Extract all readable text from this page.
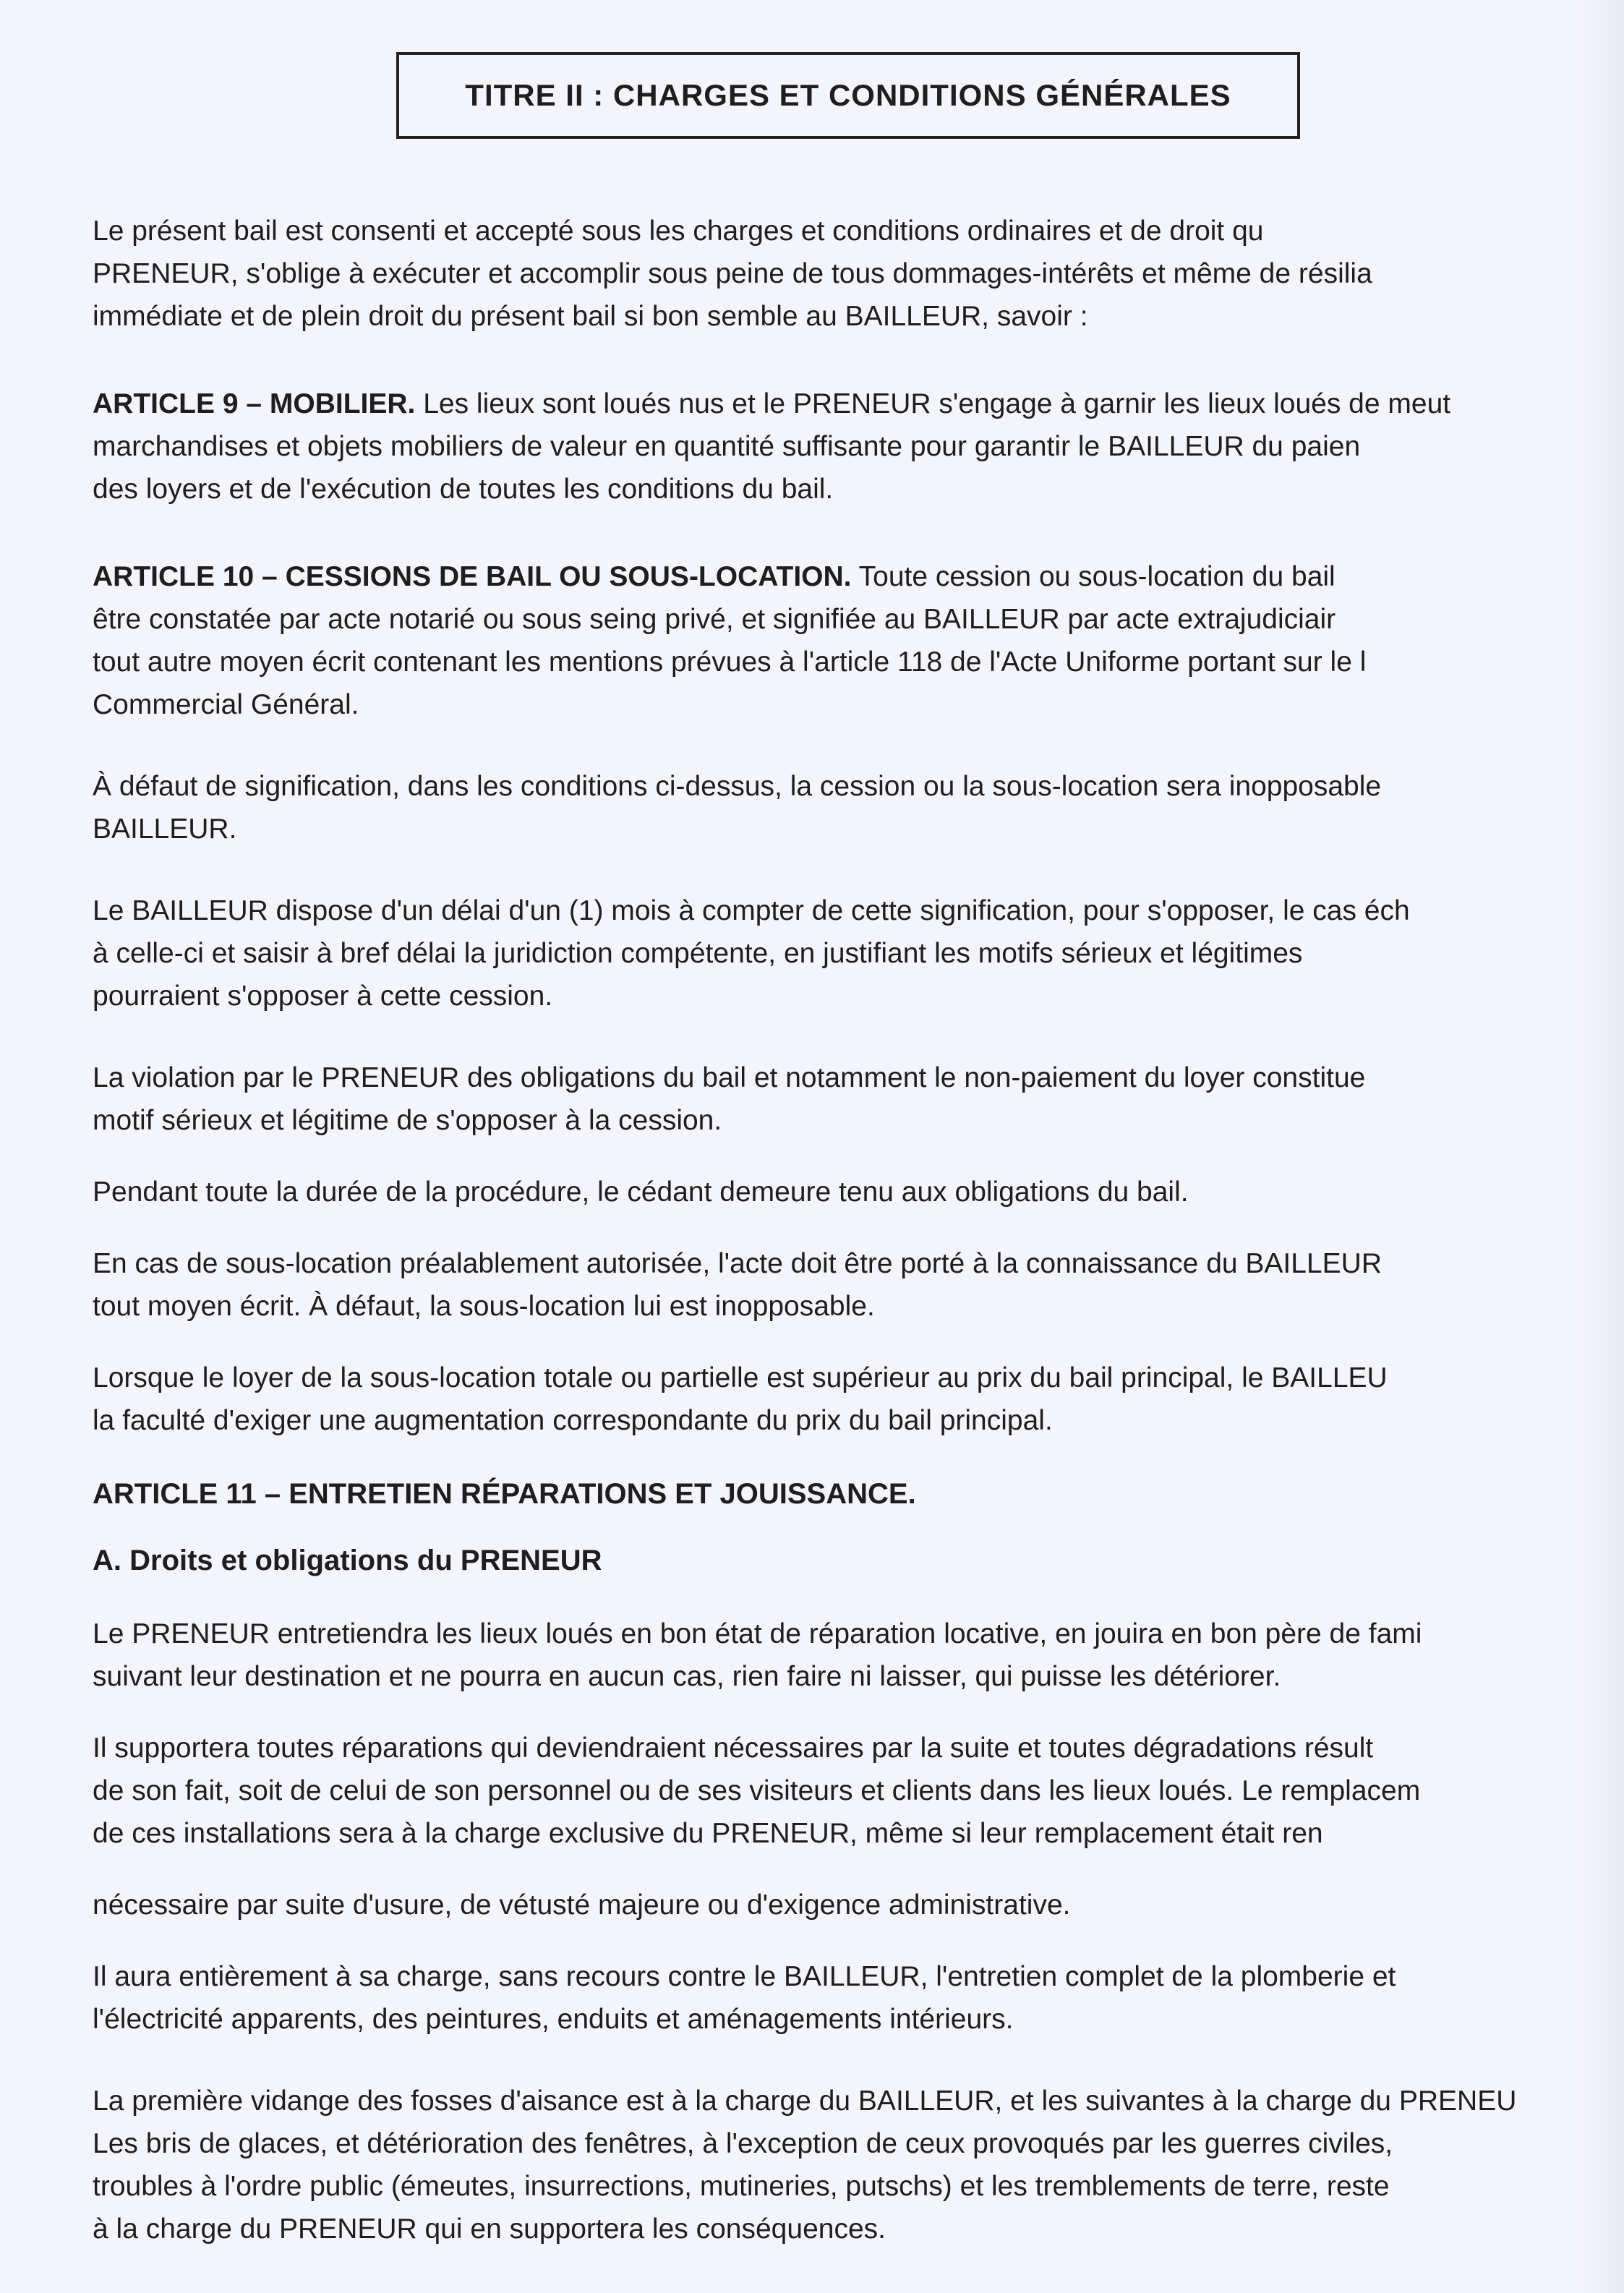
TITRE II : CHARGES ET CONDITIONS GÉNÉRALES

Le présent bail est consenti et accepté sous les charges et conditions ordinaires et de droit qu

PRENEUR, s'oblige à exécuter et accomplir sous peine de tous dommages-intérêts et même de résilia

immédiate et de plein droit du présent bail si bon semble au BAILLEUR, savoir :

ARTICLE 9 – MOBILIER. Les lieux sont loués nus et le PRENEUR s'engage à garnir les lieux loués de meut

marchandises et objets mobiliers de valeur en quantité suffisante pour garantir le BAILLEUR du paien

des loyers et de l'exécution de toutes les conditions du bail.

ARTICLE 10 – CESSIONS DE BAIL OU SOUS-LOCATION. Toute cession ou sous-location du bail

être constatée par acte notarié ou sous seing privé, et signifiée au BAILLEUR par acte extrajudiciair

tout autre moyen écrit contenant les mentions prévues à l'article 118 de l'Acte Uniforme portant sur le l

Commercial Général.

À défaut de signification, dans les conditions ci-dessus, la cession ou la sous-location sera inopposable

BAILLEUR.

Le BAILLEUR dispose d'un délai d'un (1) mois à compter de cette signification, pour s'opposer, le cas éch

à celle-ci et saisir à bref délai la juridiction compétente, en justifiant les motifs sérieux et légitimes

pourraient s'opposer à cette cession.

La violation par le PRENEUR des obligations du bail et notamment le non-paiement du loyer constitue

motif sérieux et légitime de s'opposer à la cession.

Pendant toute la durée de la procédure, le cédant demeure tenu aux obligations du bail.

En cas de sous-location préalablement autorisée, l'acte doit être porté à la connaissance du BAILLEUR

tout moyen écrit. À défaut, la sous-location lui est inopposable.

Lorsque le loyer de la sous-location totale ou partielle est supérieur au prix du bail principal, le BAILLEU

la faculté d'exiger une augmentation correspondante du prix du bail principal.

ARTICLE 11 – ENTRETIEN RÉPARATIONS ET JOUISSANCE.
A. Droits et obligations du PRENEUR

Le PRENEUR entretiendra les lieux loués en bon état de réparation locative, en jouira en bon père de fami

suivant leur destination et ne pourra en aucun cas, rien faire ni laisser, qui puisse les détériorer.

Il supportera toutes réparations qui deviendraient nécessaires par la suite et toutes dégradations résult

de son fait, soit de celui de son personnel ou de ses visiteurs et clients dans les lieux loués. Le remplacem

de ces installations sera à la charge exclusive du PRENEUR, même si leur remplacement était ren

nécessaire par suite d'usure, de vétusté majeure ou d'exigence administrative.

Il aura entièrement à sa charge, sans recours contre le BAILLEUR, l'entretien complet de la plomberie et

l'électricité apparents, des peintures, enduits et aménagements intérieurs.

La première vidange des fosses d'aisance est à la charge du BAILLEUR, et les suivantes à la charge du PRENEU

Les bris de glaces, et détérioration des fenêtres, à l'exception de ceux provoqués par les guerres civiles,

troubles à l'ordre public (émeutes, insurrections, mutineries, putschs) et les tremblements de terre, reste

à la charge du PRENEUR qui en supportera les conséquences.
